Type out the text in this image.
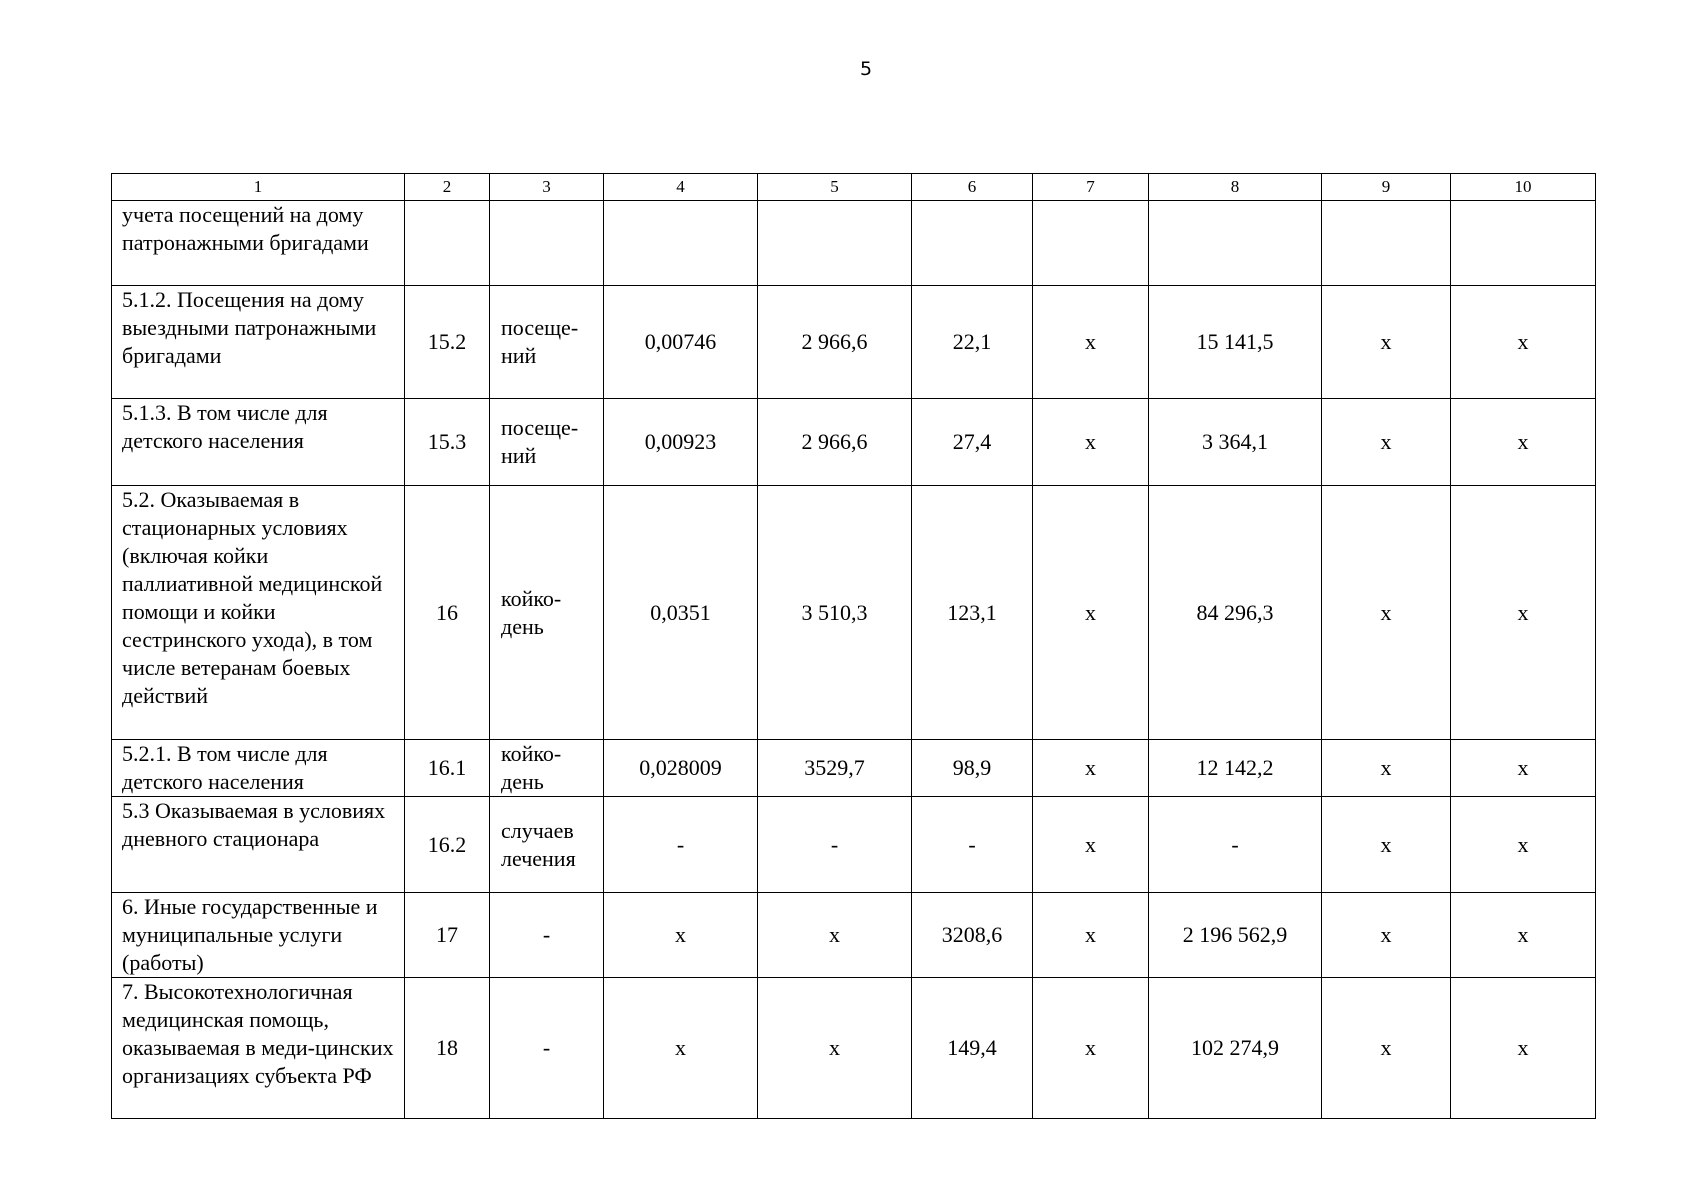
5
1	2	3	4	5	6	7	8	9	10
учета посещений на дому патронажными бригадами									
5.1.2. Посещения на дому выездными патронажными бригадами	15.2	посеще-ний	0,00746	2 966,6	22,1	х	15 141,5	х	х
5.1.3. В том числе для детского населения	15.3	посеще-ний	0,00923	2 966,6	27,4	х	3 364,1	х	х
5.2. Оказываемая в стационарных условиях (включая койки паллиативной медицинской помощи и койки сестринского ухода), в том числе ветеранам боевых действий	16	койко-день	0,0351	3 510,3	123,1	х	84 296,3	х	х
5.2.1. В том числе для детского населения	16.1	койко-день	0,028009	3529,7	98,9	х	12 142,2	х	х
5.3 Оказываемая в условиях дневного стационара	16.2	случаев лечения	-	-	-	х	-	х	х
6. Иные государственные и муниципальные услуги (работы)	17	-	х	х	3208,6	х	2 196 562,9	х	х
7. Высокотехнологичная медицинская помощь, оказываемая в меди-цинских организациях субъекта РФ	18	-	х	х	149,4	х	102 274,9	х	х
